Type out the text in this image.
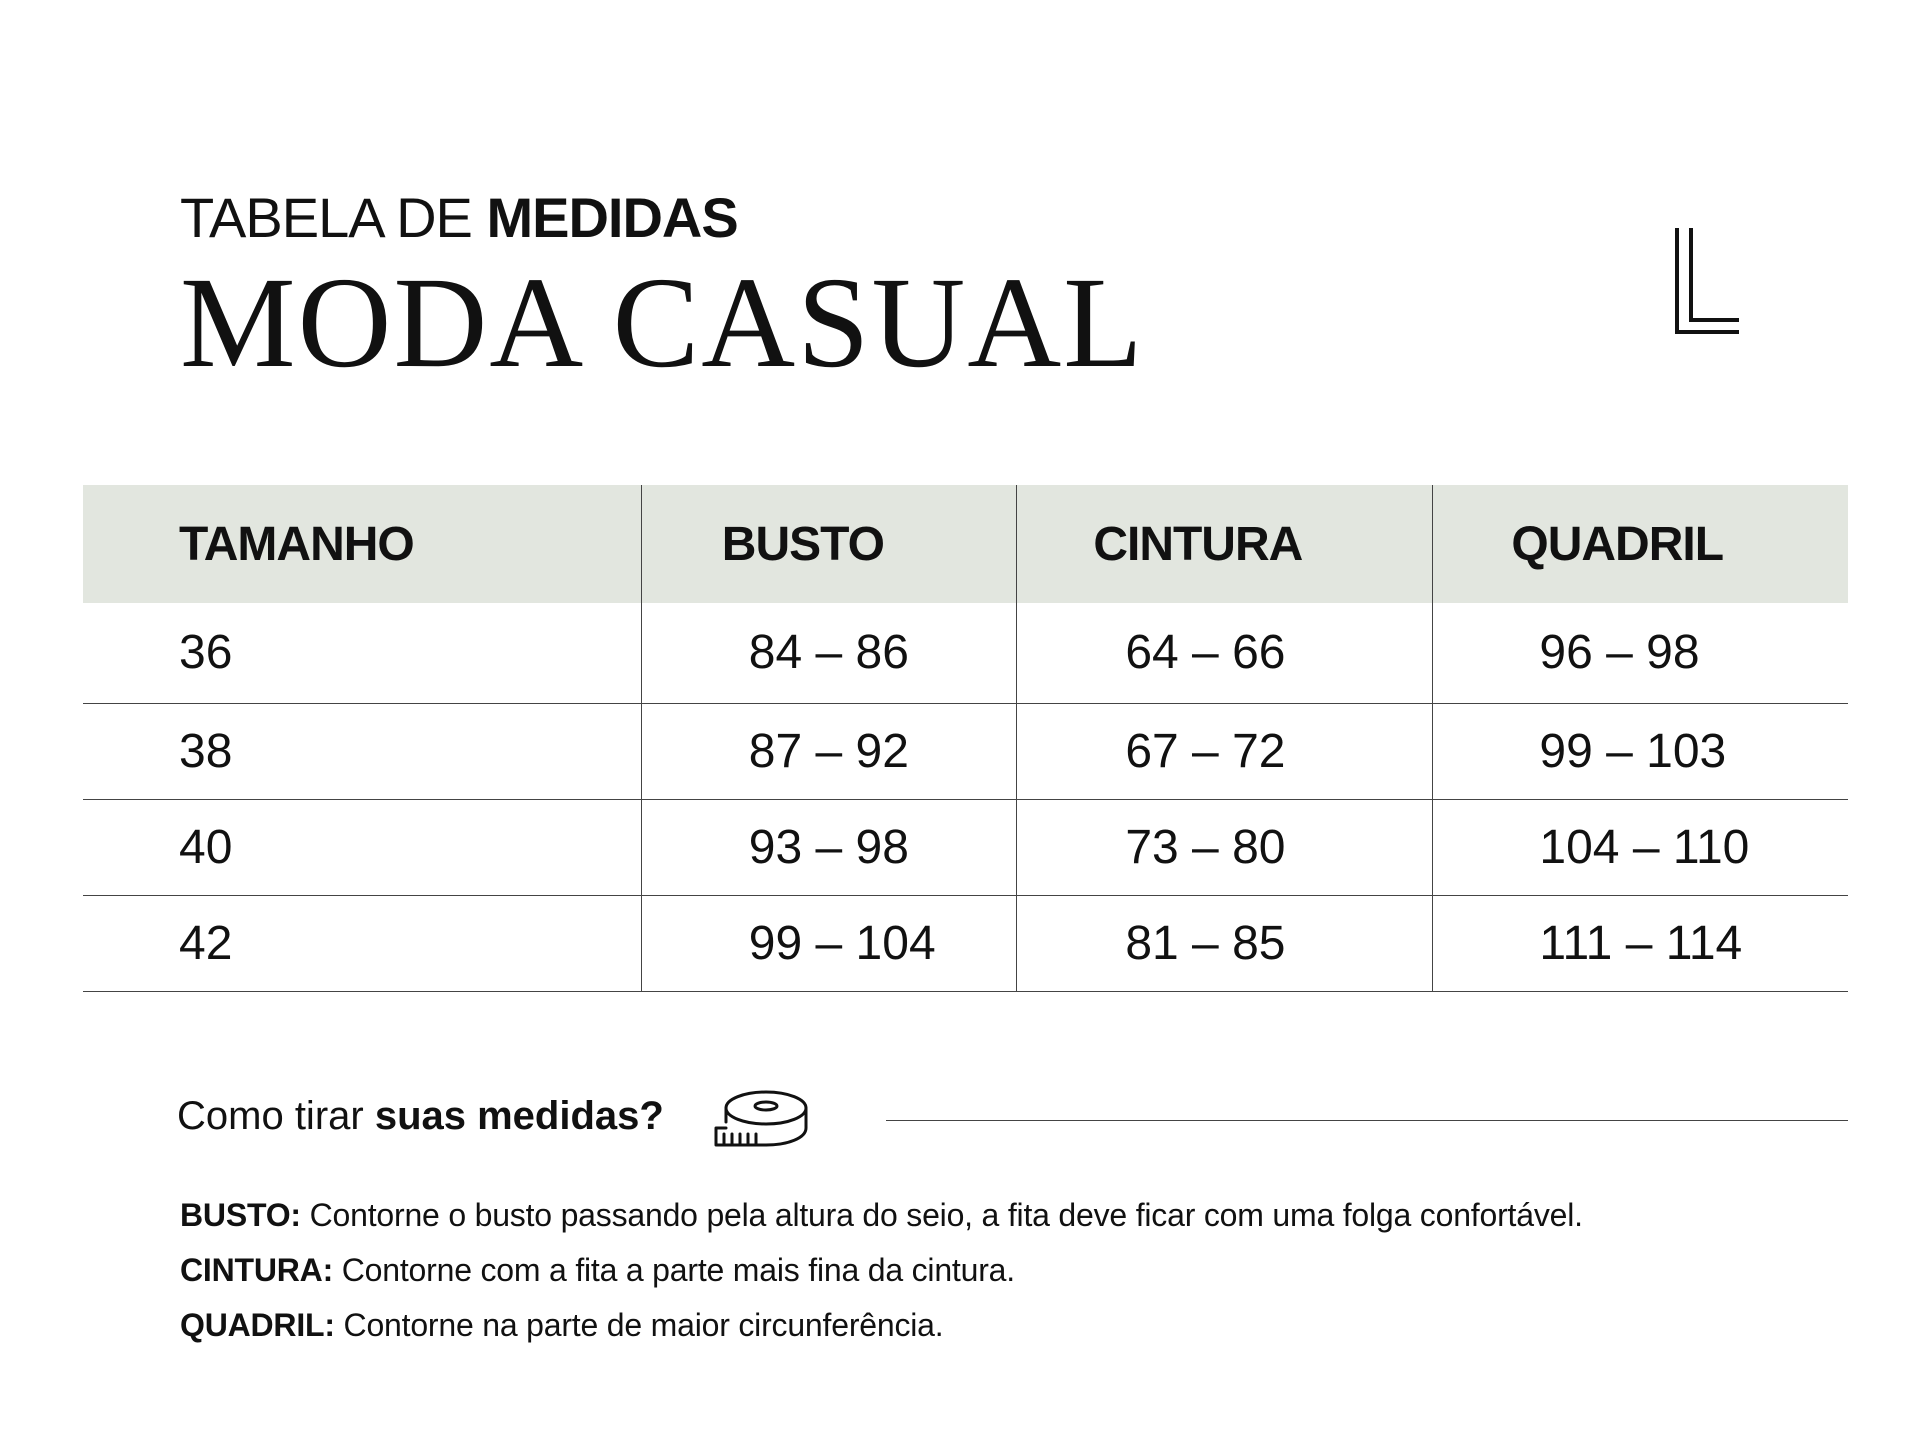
TABELA DE MEDIDAS
MODA CASUAL
TAMANHO	BUSTO	CINTURA	QUADRIL
36	84 – 86	64 – 66	96 – 98
38	87 – 92	67 – 72	99 – 103
40	93 – 98	73 – 80	104 – 110
42	99 – 104	81 – 85	111 – 114
Como tirar suas medidas?
BUSTO: Contorne o busto passando pela altura do seio, a fita deve ficar com uma folga confortável.
CINTURA: Contorne com a fita a parte mais fina da cintura.
QUADRIL: Contorne na parte de maior circunferência.
